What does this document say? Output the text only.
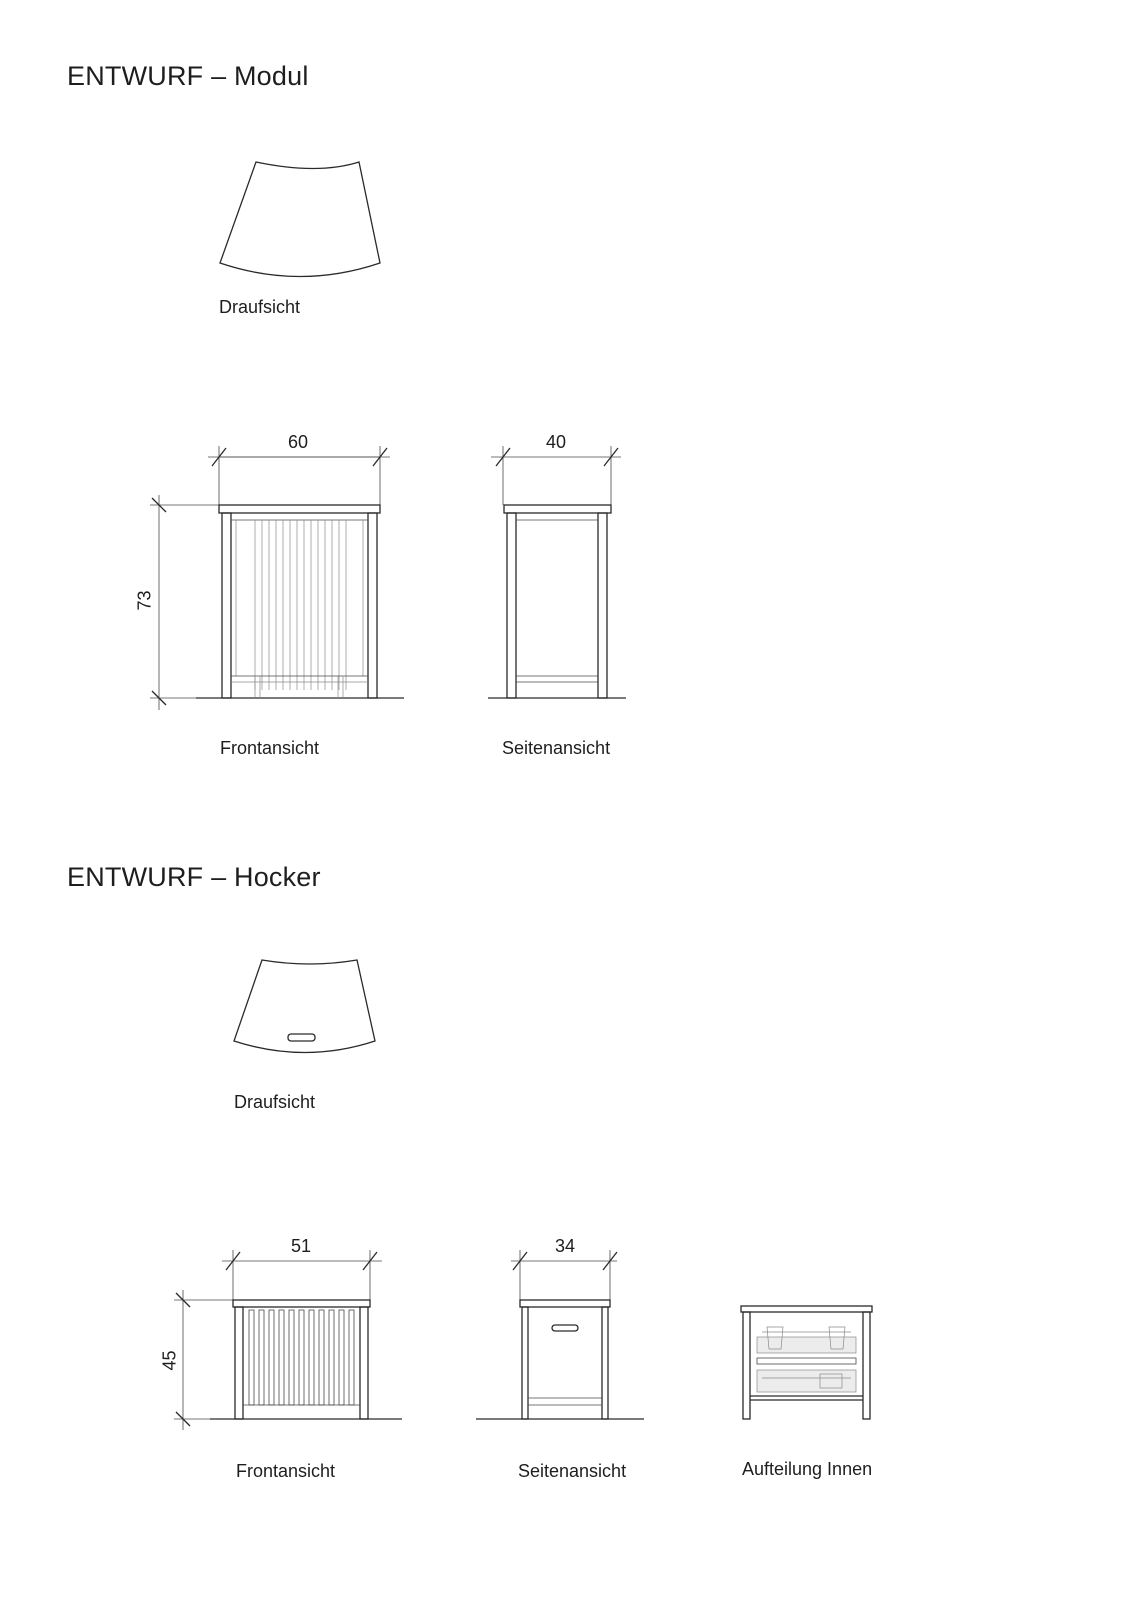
ENTWURF – Modul
Draufsicht
60	40
73
Frontansicht	Seitenansicht
ENTWURF – Hocker
Draufsicht
51	34
45
Frontansicht	Seitenansicht	Aufteilung Innen
